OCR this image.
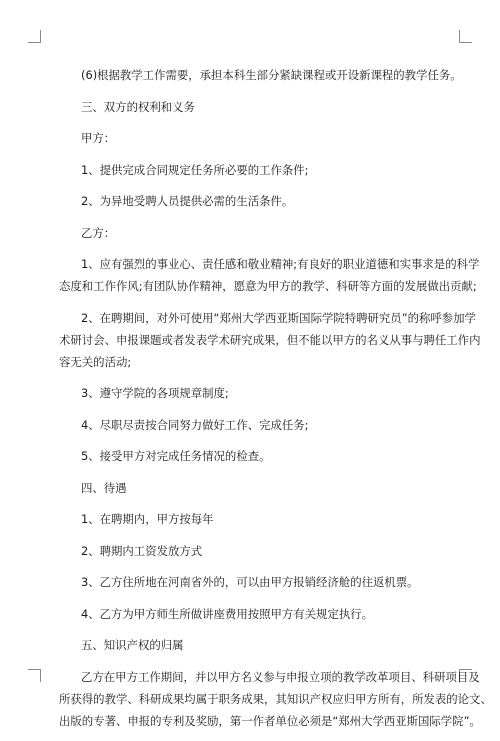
(6)根据教学工作需要，承担本科生部分紧缺课程或开设新课程的教学任务。

三、双方的权利和义务

甲方：

1、提供完成合同规定任务所必要的工作条件;

2、为异地受聘人员提供必需的生活条件。

乙方：

1、应有强烈的事业心、责任感和敬业精神;有良好的职业道德和实事求是的科学
态度和工作作风;有团队协作精神，愿意为甲方的教学、科研等方面的发展做出贡献;
2、在聘期间，对外可使用“郑州大学西亚斯国际学院特聘研究员”的称呼参加学
术研讨会、申报课题或者发表学术研究成果，但不能以甲方的名义从事与聘任工作内
容无关的活动;

3、遵守学院的各项规章制度;

4、尽职尽责按合同努力做好工作、完成任务;

5、接受甲方对完成任务情况的检查。

四、待遇

1、在聘期内，甲方按每年

2、聘期内工资发放方式

3、乙方住所地在河南省外的，可以由甲方报销经济舱的往返机票。

4、乙方为甲方师生所做讲座费用按照甲方有关规定执行。

五、知识产权的归属

乙方在甲方工作期间，并以甲方名义参与申报立项的教学改革项目、科研项目及
所获得的教学、科研成果均属于职务成果，其知识产权应归甲方所有，所发表的论文、
出版的专著、申报的专利及奖励，第一作者单位必须是“郑州大学西亚斯国际学院”。
